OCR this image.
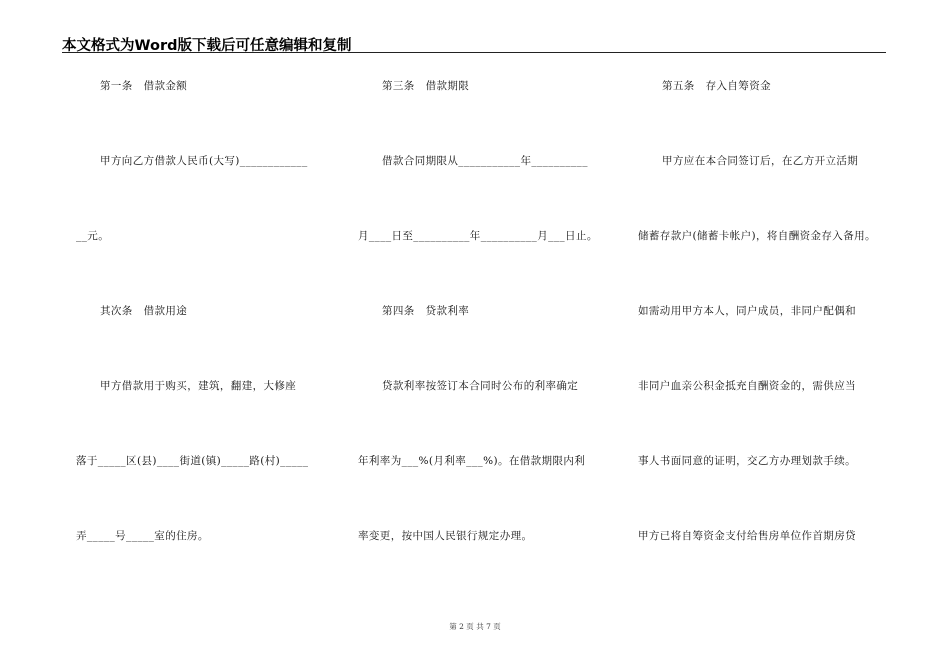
本文格式为Word版下载后可任意编辑和复制
第一条　借款金额
甲方向乙方借款人民币(大写)____________
__元。
其次条　借款用途
甲方借款用于购买，建筑，翻建，大修座
落于_____区(县)____街道(镇)_____路(村)_____
弄_____号_____室的住房。
第三条　借款期限
借款合同期限从___________年__________
月____日至__________年__________月___日止。
第四条　贷款利率
贷款利率按签订本合同时公布的利率确定
年利率为___%(月利率___%)。在借款期限内利
率变更，按中国人民银行规定办理。
第五条　存入自筹资金
甲方应在本合同签订后，在乙方开立活期
储蓄存款户(储蓄卡帐户)，将自酬资金存入备用。
如需动用甲方本人，同户成员，非同户配偶和
非同户血亲公积金抵充自酬资金的，需供应当
事人书面同意的证明，交乙方办理划款手续。
甲方已将自筹资金支付给售房单位作首期房贷
第 2 页 共 7 页
